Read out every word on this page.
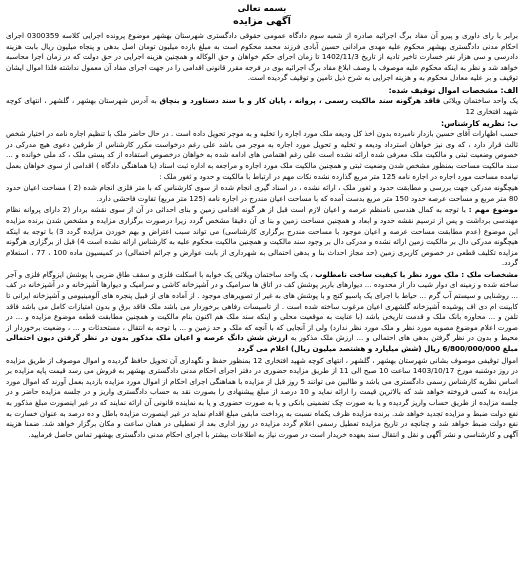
بسمه تعالی
آگهی مزایده

برابر با رای داوری و پیرو آن مفاد برگ اجرائیه صادره از شعبه سوم دادگاه عمومی حقوقی دادگستری شهرستان بهشهر موضوع پرونده اجرایی کلاسه 0300359 اجرای احکام مدنی دادگستری بهشهر محکوم علیه مهدی مرادانی حسین آبادی فرزند محمد محکوم است به مبلغ بازده میلیون تومان اصل بدهی و پنجاه میلیون ریال بابت هزینه دادرسی و سی هزار نفر خسارت تاخیر تادیه از تاریخ 1402/11/3 تا زمان اجرای حکم خواهان و حق الوکاله و همچنین هزینه اجرایی در حق دولت که در زمان اجرا محاسبه خواهد شد و نظر به اینکه محکوم علیه موصوف با وصف ابلاغ مفاد برگ اجرائیه بوی در فرجه مقرر قانونی اقدامی را در جهت اجرای مفاد آن معمول نداشته فلذا اموال ایشان توقیف و بر علیه معادل محکوم به و هزینه اجرایی به شرح ذیل تامین و توقیف گردیده است.

الف: مشخصات اموال توقیف شده:

یک واحد ساختمان ویلائی فاقد هرگونه سند مالکیت رسمی ، پروانه ، پایان کار و با سند دستاورد و بنچاق به آدرس شهرستان بهشهر ، گلشهر ، انتهای کوچه شهید افتخاری 12

ب: نظریه کارشناس:

حسب اظهارات آقای حسین بازدار نامبرده بدون اخذ کل ودیعه ملک مورد اجاره را تخلیه و به موجر تحویل داده است . در حال حاضر ملک با تنظیم اجاره نامه در اختیار شخص ثالث قرار دارد ، که وی نیز خواهان استرداد ودیعه و تخلیه و تحویل مورد اجاره به موجر می باشد علی رغم درخواست مکرر کارشناس از طرفین دعوی هیچ مدرکی در خصوص وضعیت ثبتی و مالکیت ملک معرفی شده ارائه نشده است علی رغم اهتمامی های ادامه شده به خواهان درخصوص استفاده از کد پستی ملک ، کد ملی خوانده و ... سند مالکیت مساحت بمنظور مشخص شدن وضعیت ثبتی و همچنین مالکیت ملک مورد اجاره و مراجعه به اداره ثبت اسناد (با هماهنگی دادگاه ) اقدامی از سوی خواهان بعمل نیامده مساحت مورد اجاره در اجاره نامه 125 متر مربع گذارده نشده نکات مهم در ارتباط با مالکیت و حدود و ثغور ملک :

هیچگونه مدرکی جهت بررسی و مطابقت حدود و ثغور ملک ، ارائه نشده ، در اسناد گیری انجام شده از سوی کارشناس که با متر فلزی انجام شده (2 ) مساحت اعیان حدود 80 متر مربع و مساحت عرصه حدود 150 متر مربع بدست آمده که با مساحت اعیان مندرج در اجاره نامه (125 متر مربع) تفاوت فاحشی دارد.

موضوع مهم : با توجه به کمال هندسی نامنظم عرصه و اعیان لازم است قبل از هر گونه اقدامی زمین و بنای احداثی در آن از سوی نقشه بردار (2 دارای پروانه نظام مهندسی برداشت و پس از ترسیم نقشه حدود و ابعاد و همچنین مساحت زمین و بنا ی آن دقیقا مشخص گردد زیرا درصورت برگزاری مزایده و مشخص شدن برنده مزایده این موضوع (عدم مطابقت مساحت عرصه و اعیان موجود با مساحت مندرج برگزاری کارشناسی) می تواند سبب اعتراض و بهم خوردن مزایده گردد 3) با توجه به اینکه هیچگونه مدرکی دال بر مالکیت زمین ارائه نشده و مدرکی دال بر وجود سند مالکیت و همچنین مالکیت محکوم علیه به کارشناس ارائه نشده است 4) قبل از برگزاری هرگونه مزایده تکلیف قطعی در خصوص کاربری زمین (حد مجاز احداث بنا و بدهی احتمالی به شهرداری از بابت عوارض و جرائم احتمالی) در کمیسیون ماده 100 ، 77 ، استعلام گردد.

مشخصات ملک : ملک مورد نظر با کیفیت ساخت نامطلوب ، یک واحد ساختمان ویلائی یک خوابه با اسکلت فلزی و سقف طاق ضربی با پوشش ایزوگام فلزی و آجر ساخته شده و زمینه ای دوار شیب دار از محدوده ... دیوارهای باربر پوشش کف در اتاق ها سرامیک و در آشپزخانه کاشی و سرامیک و دیوارها آشپزخانه و در آشپزخانه در کف ... روشنایی و سیستم آب گرم ... حیاط با اجرای یک پاسیو کنج و با پوشش های به غیر از تصویرهای موجود . از آماده های از قبیل پنجره های آلومینیومی و آشپزخانه ایرانی تا کابینت ام دی اف پوشیده آشپزخانه گلشهری اعیان مرغوب ساخته شده است . از تاسیسات رفاهی برخوردار می باشد ملک فاقد برق و بدون امتیازات کامل می باشد فاقد تلفن و ... محاوره بانک ملک و قدمت تاریخی باشد (با عنایت به موقعیت محلی و اینکه سند ملک هم اکنون بنام مالکیت و همچنین مطابقت قطعه موضوع مزایده و ... در صورت اعلام موضوع مصوبه مورد نظر و ملک مورد نظر ندارد) ولی از آنجایی که با آنچه که ملک و حد زمین و ... با توجه به انتقال ، مستحدثات و ... ، وضعیت برخوردار از محیط و بدون در نظر گرفتن بدهی های احتمالی و ... ارزش ملک مذکور به ارزش شش دانگ عرصه و اعیان ملک مذکور بدون در نظر گرفتن دیون احتمالی مبلغ 6/800/000/000 ریال (شش میلیارد و هشتصد میلیون ریال) اعلام می گردد

اموال توقیفی موصوف بشانی شهرستان بهشهر ، گلشهر ، انتهای کوچه شهید افتخاری 12 بمنظور حفظ و نگهداری آن تحویل حافظ گردیده و اموال موصوف از طریق مزایده در روز دوشنبه مورخ 1403/10/17 ساعت 10 صبح الی 11 از طریق مزایده حضوری در دفتر اجرای احکام مدنی دادگستری بهشهر به فروش می رسد قیمت پایه مزایده بر اساس نظریه کارشناس رسمی دادگستری می باشد و طالبین می توانند 5 روز قبل از مزایده با هماهنگی اجرای احکام از اموال مورد مزایده بازدید بعمل آورند که اموال مورد مزایده به کسی فروخته خواهد شد که بالاترین قیمت را ارائه نماید و 10 درصد از مبلغ پیشنهادی را بصورت نقد به حساب دادگستری واریز و در جلسه مزایده حاضر و در جلسه مزایده از طریق حساب واریز گردیده و یا به صورت چک تضمینی بانکی و یا به صورت حضوری و یا به نماینده قانونی آن ارائه نمایند که در غیر اینصورت مبلغ مذکور به نفع دولت ضبط و مزایده تجدید خواهد شد. برنده مزایده ظرف یکماه نسبت به پرداخت مابقی مبلغ اقدام نماید در غیر اینصورت مزایده باطل و ده درصد به عنوان خسارت به نفع دولت ضبط خواهد شد و چنانچه در تاریخ مزایده تعطیل رسمی اعلام گردد مزایده در روز اداری بعد از تعطیلی در همان ساعت و مکان برگزار خواهد شد. ضمنا هزینه آگهی و کارشناسی و نشر آگهی و نقل و انتقال سند بعهده خریدار است در صورت نیاز به اطلاعات بیشتر با اجرای احکام مدنی دادگستری بهشهر تماس حاصل فرمایید.
